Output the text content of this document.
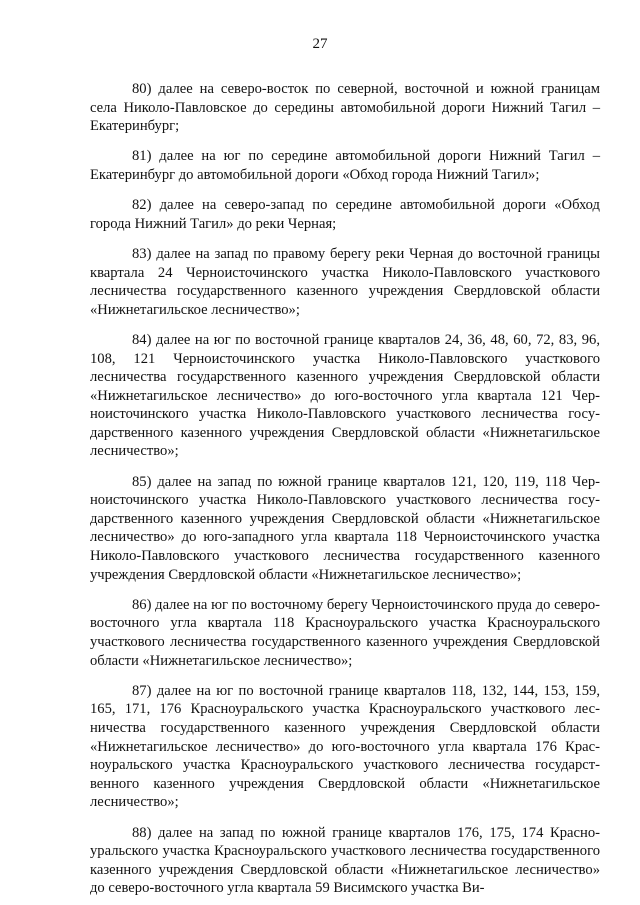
27

80) далее на северо-восток по северной, восточной и южной границам села Николо-Павловское до середины автомобильной дороги Нижний Тагил – Екатеринбург;

81) далее на юг по середине автомобильной дороги Нижний Тагил – Екатеринбург до автомобильной дороги «Обход города Нижний Тагил»;

82) далее на северо-запад по середине автомобильной дороги «Обход города Нижний Тагил» до реки Черная;

83) далее на запад по правому берегу реки Черная до восточной границы квартала 24 Черноисточинского участка Николо-Павловского участкового лесничества государственного казенного учреждения Свердловской области «Нижнетагильское лесничество»;

84) далее на юг по восточной границе кварталов 24, 36, 48, 60, 72, 83, 96, 108, 121 Черноисточинского участка Николо-Павловского участкового лесничества государственного казенного учреждения Свердловской области «Нижнетагильское лесничество» до юго-восточного угла квартала 121 Черноисточинского участка Николо-Павловского участкового лесничества государственного казенного учреждения Свердловской области «Нижнетагильское лесничество»;

85) далее на запад по южной границе кварталов 121, 120, 119, 118 Черноисточинского участка Николо-Павловского участкового лесничества государственного казенного учреждения Свердловской области «Нижнетагильское лесничество» до юго-западного угла квартала 118 Черноисточинского участка Николо-Павловского участкового лесничества государственного казенного учреждения Свердловской области «Нижнетагильское лесничество»;

86) далее на юг по восточному берегу Черноисточинского пруда до северо-восточного угла квартала 118 Красноуральского участка Красноуральского участкового лесничества государственного казенного учреждения Свердловской области «Нижнетагильское лесничество»;

87) далее на юг по восточной границе кварталов 118, 132, 144, 153, 159, 165, 171, 176 Красноуральского участка Красноуральского участкового лесничества государственного казенного учреждения Свердловской области «Нижнетагильское лесничество» до юго-восточного угла квартала 176 Красноуральского участка Красноуральского участкового лесничества государственного казенного учреждения Свердловской области «Нижнетагильское лесничество»;

88) далее на запад по южной границе кварталов 176, 175, 174 Красноуральского участка Красноуральского участкового лесничества государственного казенного учреждения Свердловской области «Нижнетагильское лесничество» до северо-восточного угла квартала 59 Висимского участка Ви-
